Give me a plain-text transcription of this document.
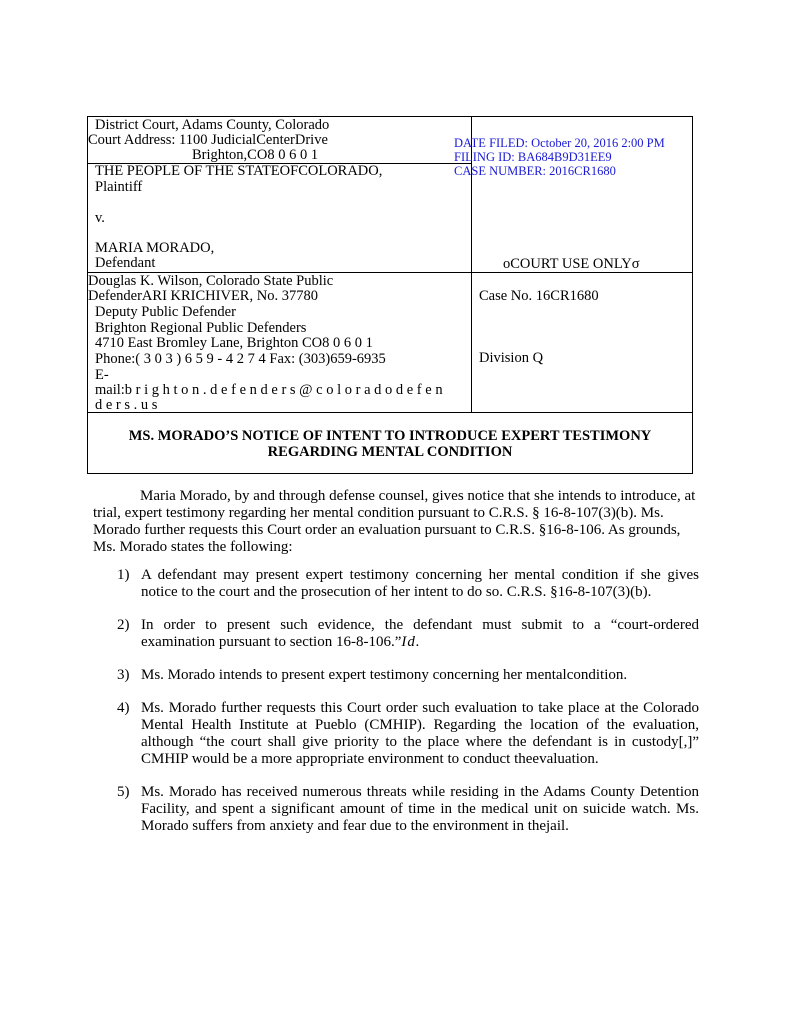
District Court, Adams County, Colorado
Court Address: 1100 JudicialCenterDrive
Brighton,CO8 0 6 0 1
THE PEOPLE OF THE STATEOFCOLORADO,
Plaintiff
v.
MARIA MORADO,
Defendant
DATE FILED: October 20, 2016 2:00 PM
FILING ID: BA684B9D31EE9
CASE NUMBER: 2016CR1680
οCOURT USE ONLYσ
Douglas K. Wilson, Colorado State Public
DefenderARI KRICHIVER, No. 37780
Deputy Public Defender
Brighton Regional Public Defenders
4710 East Bromley Lane, Brighton CO8 0 6 0 1
Phone:( 3 0 3 ) 6 5 9 - 4 2 7 4 Fax: (303)659-6935
E-
mail:b r i g h t o n . d e f e n d e r s @ c o l o r a d o d e f e n
d e r s . u s
Case No. 16CR1680
Division Q
MS. MORADO’S NOTICE OF INTENT TO INTRODUCE EXPERT TESTIMONY
REGARDING MENTAL CONDITION

Maria Morado, by and through defense counsel, gives notice that she intends to introduce, at trial, expert testimony regarding her mental condition pursuant to C.R.S. § 16-8-107(3)(b). Ms. Morado further requests this Court order an evaluation pursuant to C.R.S. §16-8-106. As grounds, Ms. Morado states the following:

1) A defendant may present expert testimony concerning her mental condition if she gives notice to the court and the prosecution of her intent to do so. C.R.S. §16-8-107(3)(b).
2) In order to present such evidence, the defendant must submit to a “court-ordered examination pursuant to section 16-8-106.”Id.
3) Ms. Morado intends to present expert testimony concerning her mentalcondition.
4) Ms. Morado further requests this Court order such evaluation to take place at the Colorado Mental Health Institute at Pueblo (CMHIP). Regarding the location of the evaluation, although “the court shall give priority to the place where the defendant is in custody[,]” CMHIP would be a more appropriate environment to conduct theevaluation.
5) Ms. Morado has received numerous threats while residing in the Adams County Detention Facility, and spent a significant amount of time in the medical unit on suicide watch. Ms. Morado suffers from anxiety and fear due to the environment in thejail.
